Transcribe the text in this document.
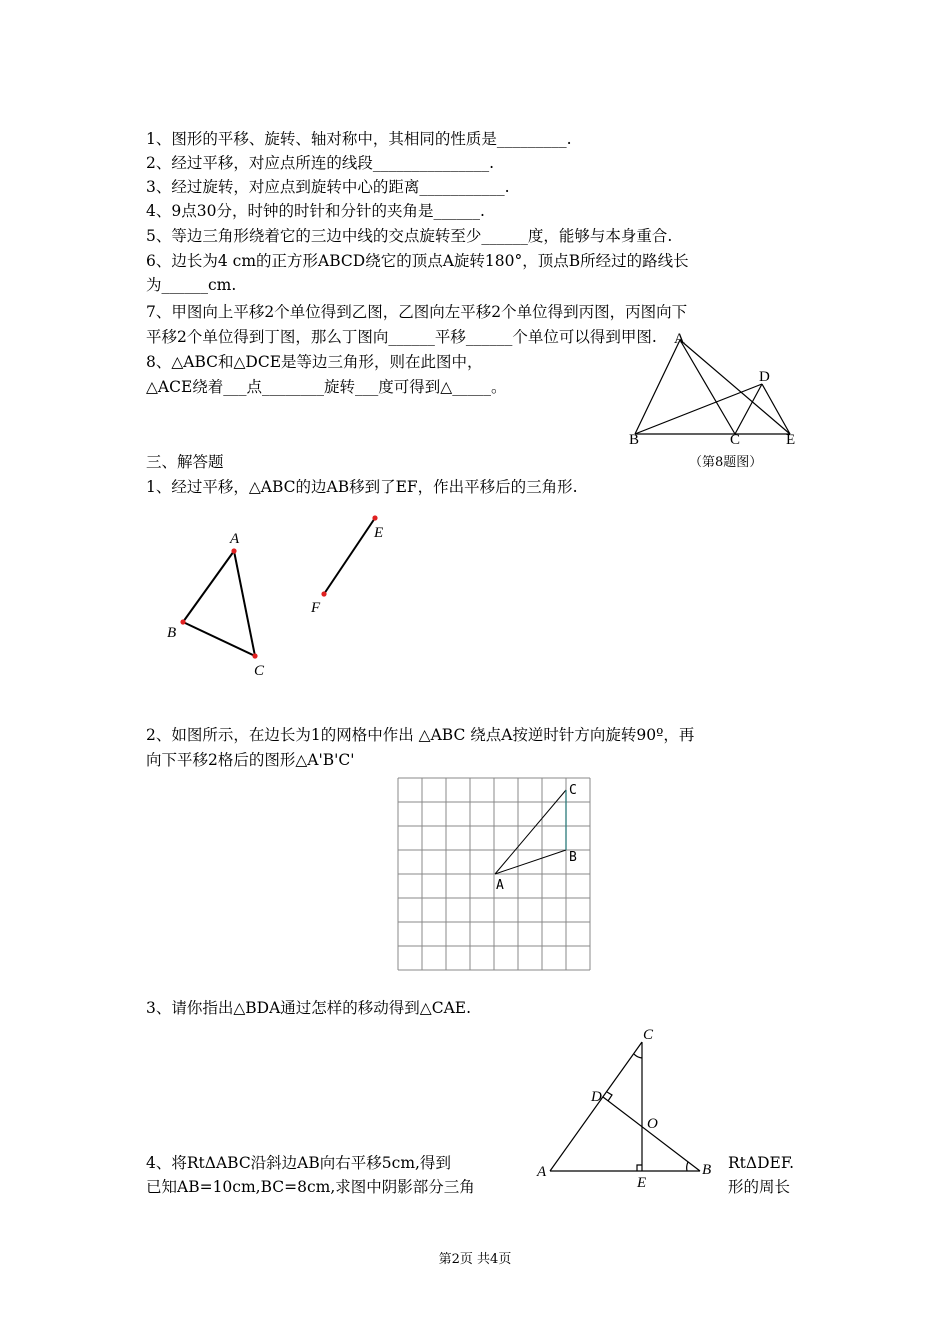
1、图形的平移、旋转、轴对称中，其相同的性质是_________.
2、经过平移，对应点所连的线段_______________.
3、经过旋转，对应点到旋转中心的距离___________.
4、9点30分，时钟的时针和分针的夹角是______.
5、等边三角形绕着它的三边中线的交点旋转至少______度，能够与本身重合.
6、边长为4 cm的正方形ABCD绕它的顶点A旋转180°，顶点B所经过的路线长
为______cm.
7、甲图向上平移2个单位得到乙图，乙图向左平移2个单位得到丙图，丙图向下
平移2个单位得到丁图，那么丁图向______平移______个单位可以得到甲图.
8、△ABC和△DCE是等边三角形，则在此图中，
△ACE绕着___点________旋转___度可得到△_____。
A
B	C
D
E
（第8题图）
三、解答题
1、经过平移，△ABC的边AB移到了EF，作出平移后的三角形.
A
B
C
E
F
2、如图所示，在边长为1的网格中作出 △ABC 绕点A按逆时针方向旋转90º，再
向下平移2格后的图形△A'B'C'
A
B
C
3、请你指出△BDA通过怎样的移动得到△CAE.
A	B
C
D
E
O
4、将RtΔABC沿斜边AB向右平移5cm,得到
已知AB=10cm,BC=8cm,求图中阴影部分三角
RtΔDEF.
形的周长
第2页 共4页
